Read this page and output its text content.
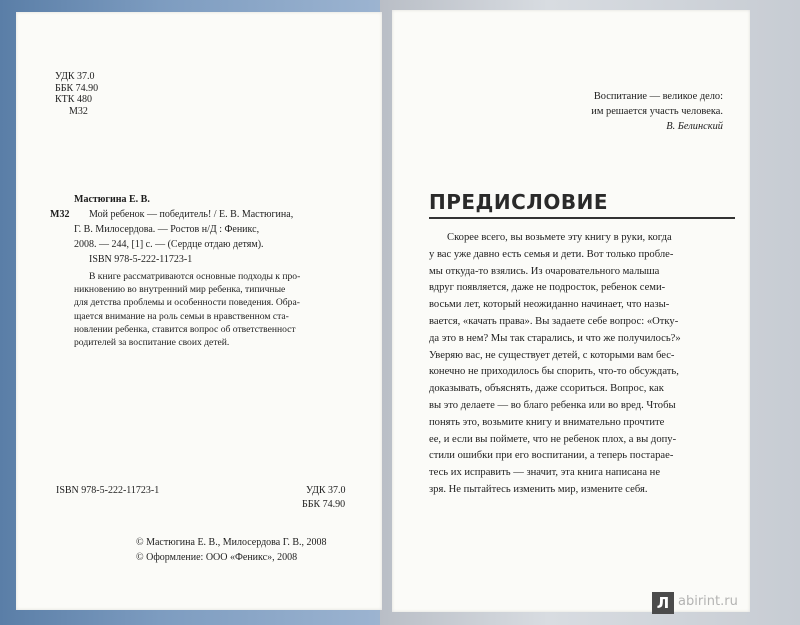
УДК 37.0
ББК 74.90
КТК 480
М32
Мастюгина Е. В.
М32 Мой ребенок — победитель! / Е. В. Мастюгина,
Г. В. Милосердова. — Ростов н/Д : Феникс,
2008. — 244, [1] с. — (Сердце отдаю детям).
ISBN 978-5-222-11723-1
В книге рассматриваются основные подходы к про-
никновению во внутренний мир ребенка, типичные
для детства проблемы и особенности поведения. Обра-
щается внимание на роль семьи в нравственном ста-
новлении ребенка, ставится вопрос об ответственност
родителей за воспитание своих детей.
ISBN 978-5-222-11723-1	УДК 37.0
ББК 74.90
© Мастюгина Е. В., Милосердова Г. В., 2008
© Оформление: ООО «Феникс», 2008
Воспитание — великое дело:
им решается участь человека.
В. Белинский
ПРЕДИСЛОВИЕ
Скорее всего, вы возьмете эту книгу в руки, когда
у вас уже давно есть семья и дети. Вот только пробле-
мы откуда-то взялись. Из очаровательного малыша
вдруг появляется, даже не подросток, ребенок семи-
восьми лет, который неожиданно начинает, что назы-
вается, «качать права». Вы задаете себе вопрос: «Отку-
да это в нем? Мы так старались, и что же получилось?»
Уверяю вас, не существует детей, с которыми вам бес-
конечно не приходилось бы спорить, что-то обсуждать,
доказывать, объяснять, даже ссориться. Вопрос, как
вы это делаете — во благо ребенка или во вред. Чтобы
понять это, возьмите книгу и внимательно прочтите
ее, и если вы поймете, что не ребенок плох, а вы допу-
стили ошибки при его воспитании, а теперь постарае-
тесь их исправить — значит, эта книга написана не
зря. Не пытайтесь изменить мир, измените себя.
Л abirint.ru
